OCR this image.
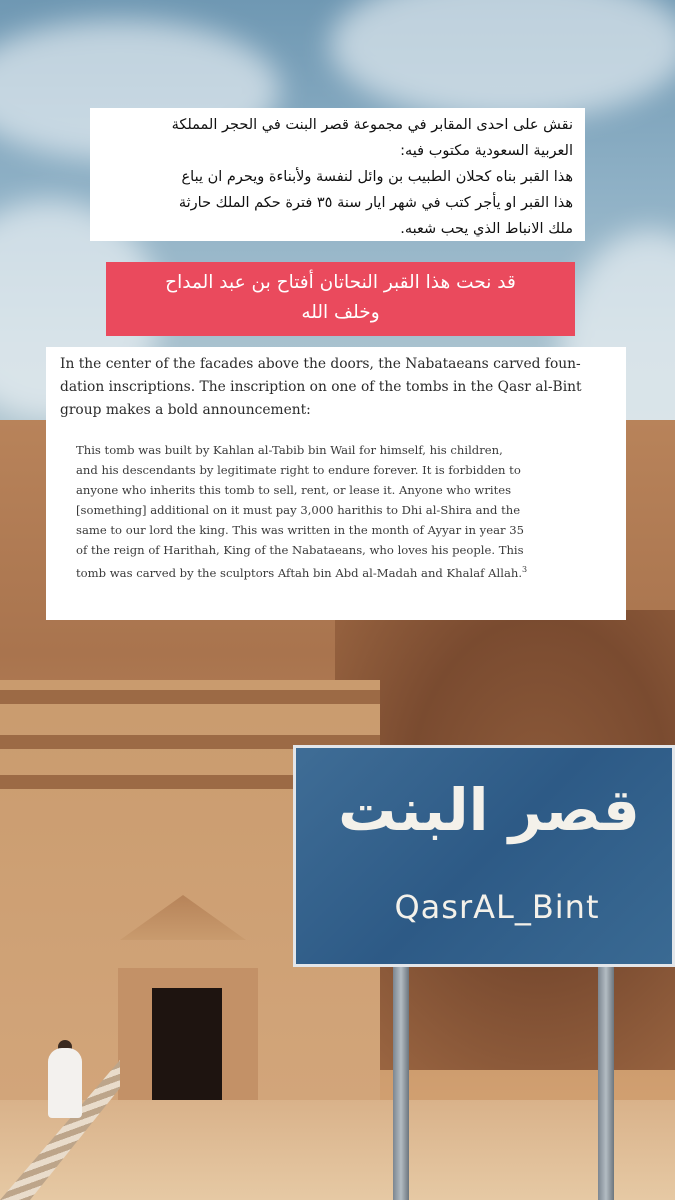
قصر البنت
QasrAL_Bint

نقش على احدى المقابر في مجموعة قصر البنت في الحجر المملكة

العربية السعودية مكتوب فيه:

هذا القبر بناه كحلان الطبيب بن وائل لنفسة ولأبناءة ويحرم ان يباع

هذا القبر او يأجر كتب في شهر ايار سنة ٣٥ فترة حكم الملك حارثة

ملك الانباط الذي يحب شعبه.

قد نحت هذا القبر النحاتان أفتاح بن عبد المداح
وخلف الله

In the center of the facades above the doors, the Nabataeans carved foun-
dation inscriptions. The inscription on one of the tombs in the Qasr al-Bint
group makes a bold announcement:

This tomb was built by Kahlan al-Tabib bin Wail for himself, his children,
and his descendants by legitimate right to endure forever. It is forbidden to
anyone who inherits this tomb to sell, rent, or lease it. Anyone who writes
[something] additional on it must pay 3,000 harithis to Dhi al-Shira and the
same to our lord the king. This was written in the month of Ayyar in year 35
of the reign of Harithah, King of the Nabataeans, who loves his people. This
tomb was carved by the sculptors Aftah bin Abd al-Madah and Khalaf Allah.$^3$
